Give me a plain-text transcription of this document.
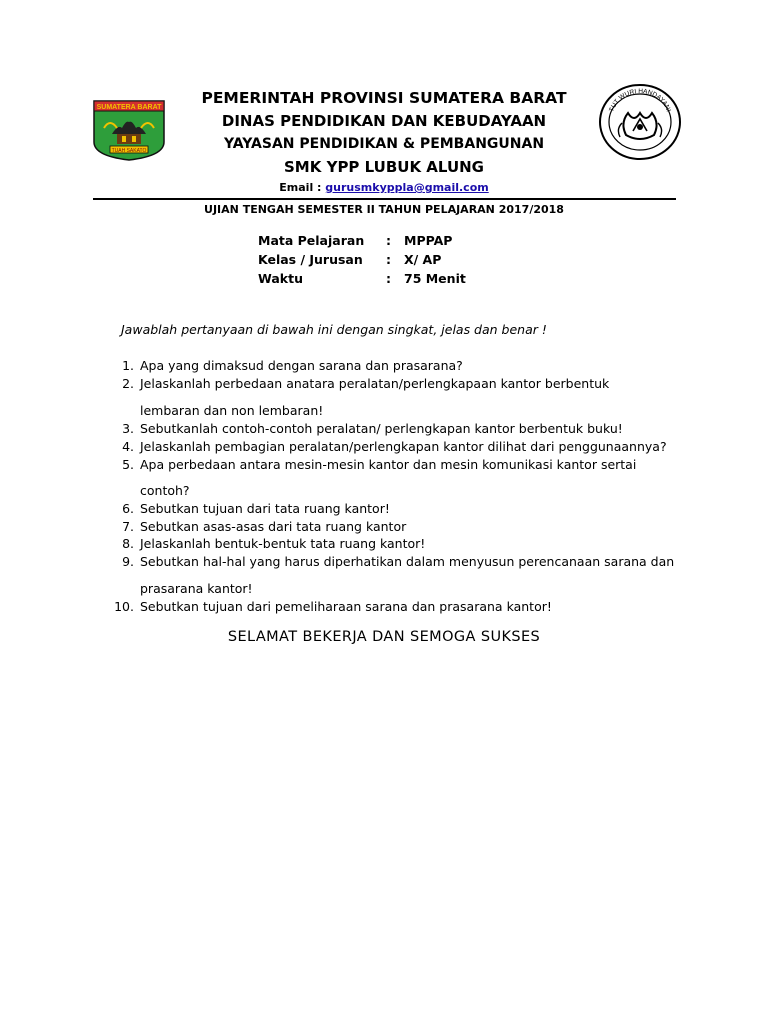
SUMATERA BARAT
TUAH SAKATO
TUT WURI HANDAYANI
PEMERINTAH PROVINSI SUMATERA BARAT
DINAS PENDIDIKAN DAN KEBUDAYAAN
YAYASAN PENDIDIKAN & PEMBANGUNAN
SMK YPP LUBUK ALUNG
Email : gurusmkyppla@gmail.com
UJIAN TENGAH SEMESTER II TAHUN PELAJARAN 2017/2018
Mata Pelajaran : MPPAP
Kelas / Jurusan : X/ AP
Waktu	: 75 Menit
Jawablah pertanyaan di bawah ini dengan singkat, jelas dan benar !
1. Apa yang dimaksud dengan sarana dan prasarana?
2. Jelaskanlah perbedaan anatara peralatan/perlengkapaan kantor berbentuk
lembaran dan non lembaran!
3. Sebutkanlah contoh-contoh peralatan/ perlengkapan kantor berbentuk buku!
4. Jelaskanlah pembagian peralatan/perlengkapan kantor dilihat dari penggunaannya?
5. Apa perbedaan antara mesin-mesin kantor dan mesin komunikasi kantor sertai
contoh?
6. Sebutkan tujuan dari tata ruang kantor!
7. Sebutkan asas-asas dari tata ruang kantor
8. Jelaskanlah bentuk-bentuk tata ruang kantor!
9. Sebutkan hal-hal yang harus diperhatikan dalam menyusun perencanaan sarana dan
prasarana kantor!
10. Sebutkan tujuan dari pemeliharaan sarana dan prasarana kantor!
SELAMAT BEKERJA DAN SEMOGA SUKSES
